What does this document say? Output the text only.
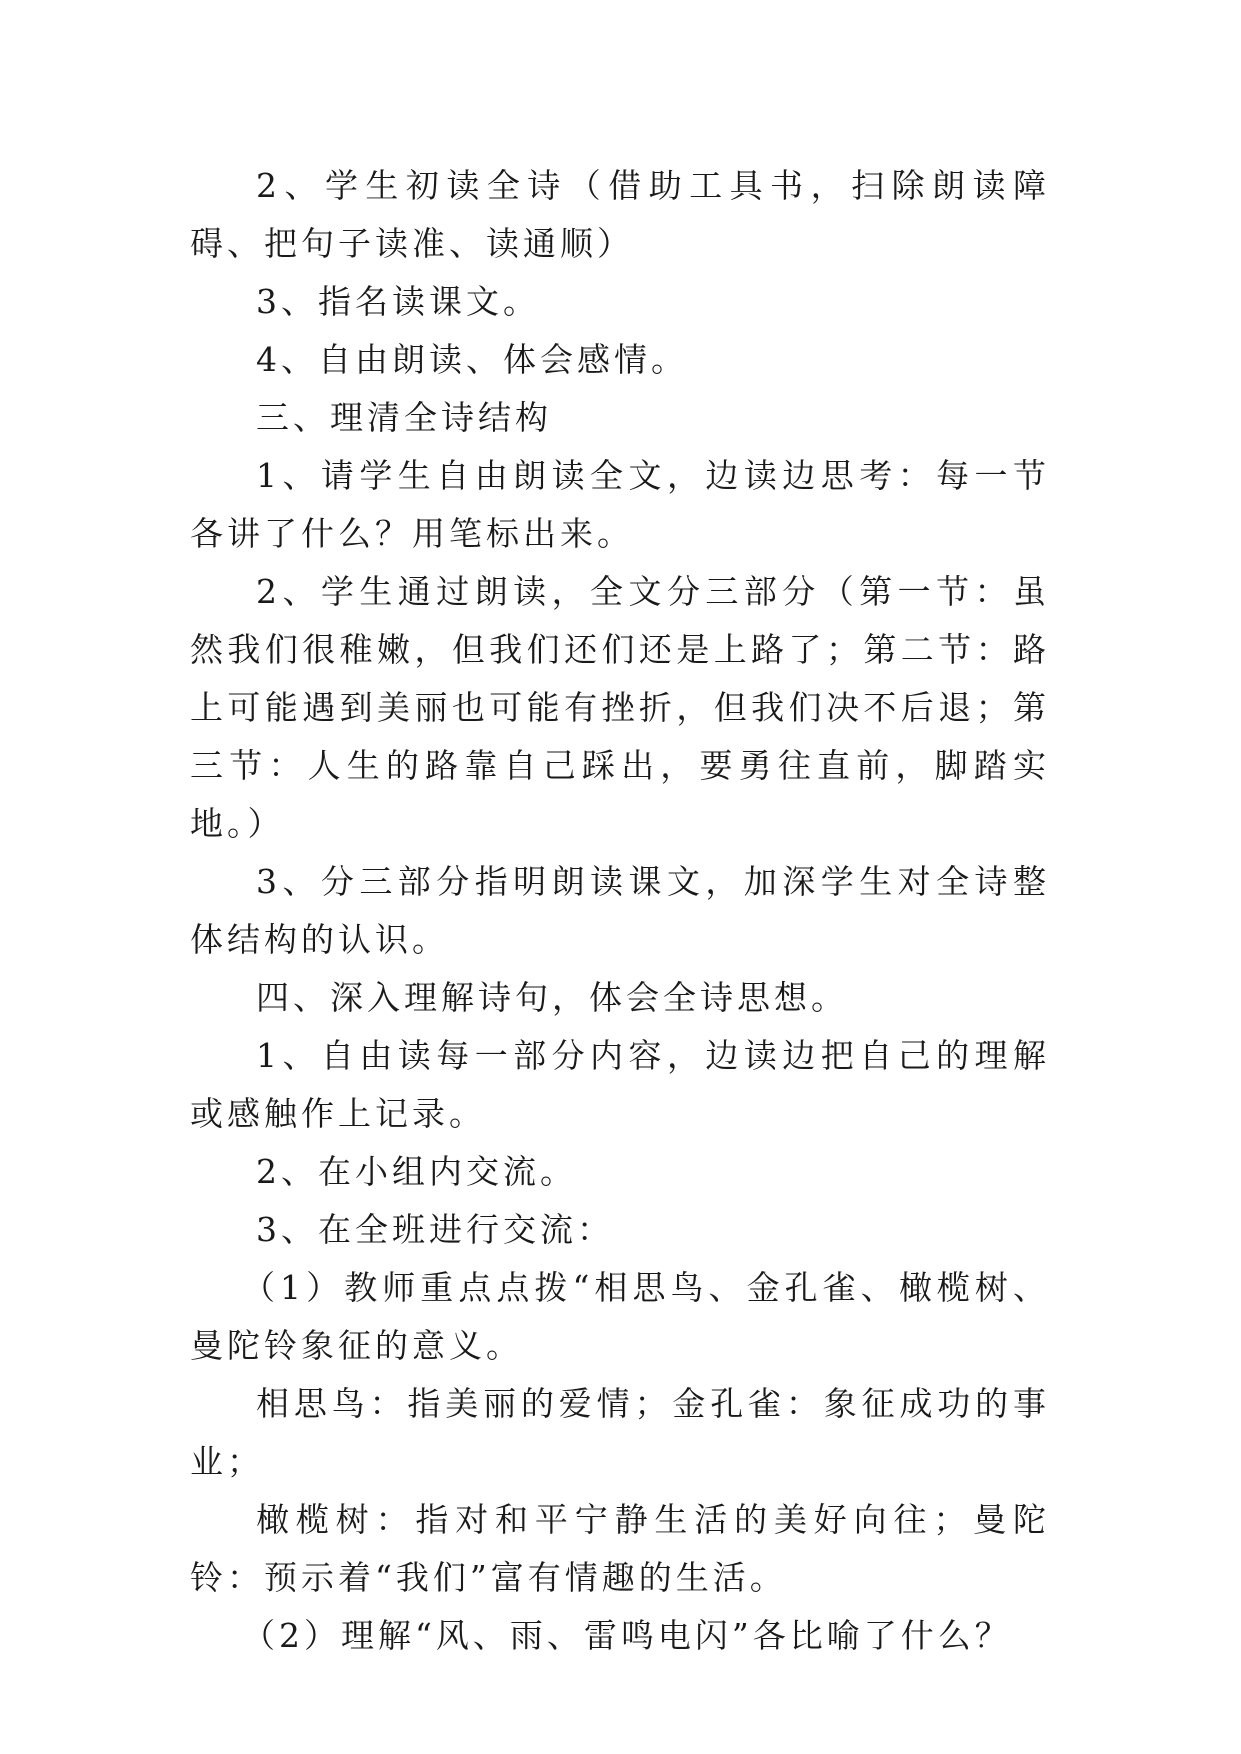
2、学生初读全诗（借助工具书，扫除朗读障碍、把句子读准、读通顺）

3、指名读课文。

4、自由朗读、体会感情。

三、理清全诗结构

1、请学生自由朗读全文，边读边思考：每一节各讲了什么？用笔标出来。

2、学生通过朗读，全文分三部分（第一节：虽然我们很稚嫩，但我们还们还是上路了；第二节：路上可能遇到美丽也可能有挫折，但我们决不后退；第三节：人生的路靠自己踩出，要勇往直前，脚踏实地。）

3、分三部分指明朗读课文，加深学生对全诗整体结构的认识。

四、深入理解诗句，体会全诗思想。

1、自由读每一部分内容，边读边把自己的理解或感触作上记录。

2、在小组内交流。

3、在全班进行交流：

（1）教师重点点拨“相思鸟、金孔雀、橄榄树、曼陀铃象征的意义。

相思鸟：指美丽的爱情；金孔雀：象征成功的事业；

橄榄树：指对和平宁静生活的美好向往；曼陀铃：预示着“我们”富有情趣的生活。

（2）理解“风、雨、雷鸣电闪”各比喻了什么？
